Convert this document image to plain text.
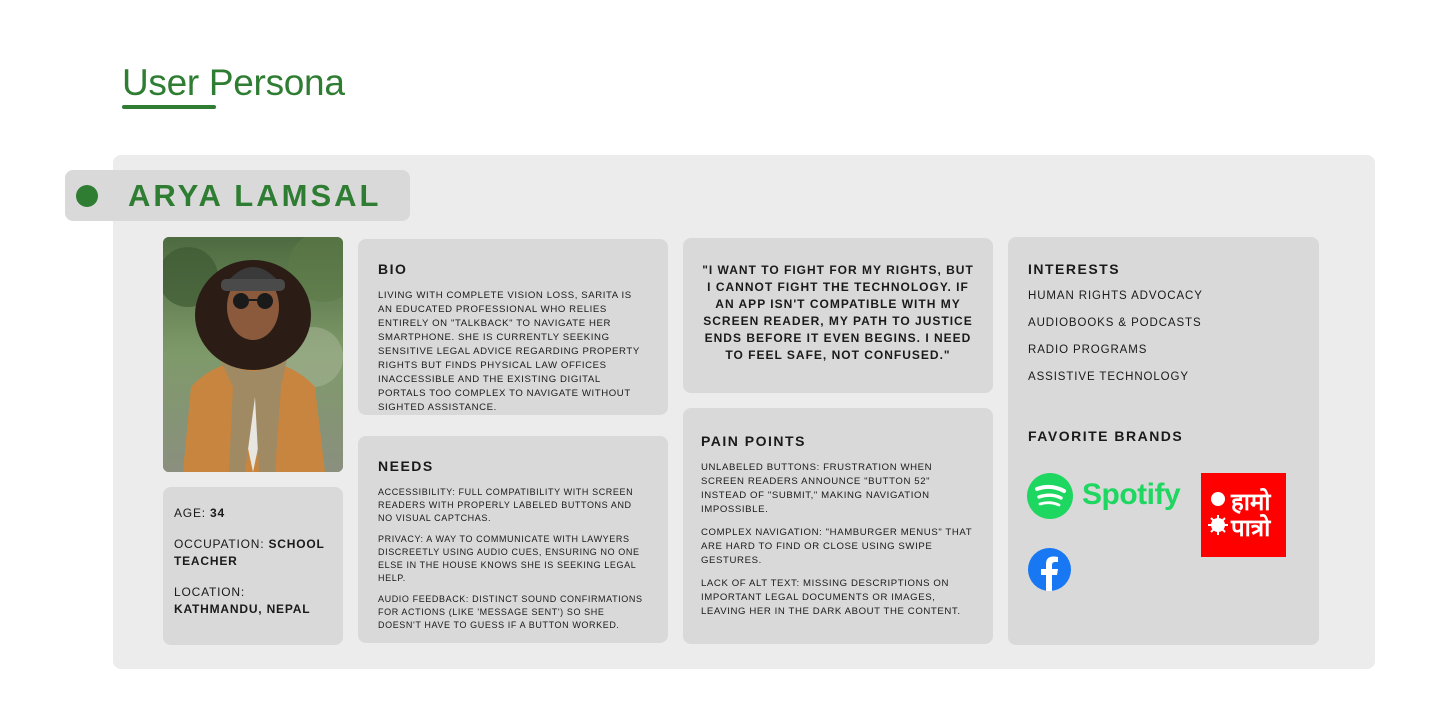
User Persona
ARYA LAMSAL
AGE: 34
OCCUPATION: SCHOOL TEACHER
LOCATION: KATHMANDU, NEPAL
BIO
LIVING WITH COMPLETE VISION LOSS, SARITA IS AN EDUCATED PROFESSIONAL WHO RELIES ENTIRELY ON "TALKBACK" TO NAVIGATE HER SMARTPHONE. SHE IS CURRENTLY SEEKING SENSITIVE LEGAL ADVICE REGARDING PROPERTY RIGHTS BUT FINDS PHYSICAL LAW OFFICES INACCESSIBLE AND THE EXISTING DIGITAL PORTALS TOO COMPLEX TO NAVIGATE WITHOUT SIGHTED ASSISTANCE.
NEEDS
ACCESSIBILITY: FULL COMPATIBILITY WITH SCREEN READERS WITH PROPERLY LABELED BUTTONS AND NO VISUAL CAPTCHAS.
PRIVACY: A WAY TO COMMUNICATE WITH LAWYERS DISCREETLY USING AUDIO CUES, ENSURING NO ONE ELSE IN THE HOUSE KNOWS SHE IS SEEKING LEGAL HELP.
AUDIO FEEDBACK: DISTINCT SOUND CONFIRMATIONS FOR ACTIONS (LIKE 'MESSAGE SENT') SO SHE DOESN'T HAVE TO GUESS IF A BUTTON WORKED.
"I WANT TO FIGHT FOR MY RIGHTS, BUT I CANNOT FIGHT THE TECHNOLOGY. IF AN APP ISN'T COMPATIBLE WITH MY SCREEN READER, MY PATH TO JUSTICE ENDS BEFORE IT EVEN BEGINS. I NEED TO FEEL SAFE, NOT CONFUSED."
PAIN POINTS
UNLABELED BUTTONS: FRUSTRATION WHEN SCREEN READERS ANNOUNCE "BUTTON 52" INSTEAD OF "SUBMIT," MAKING NAVIGATION IMPOSSIBLE.
COMPLEX NAVIGATION: "HAMBURGER MENUS" THAT ARE HARD TO FIND OR CLOSE USING SWIPE GESTURES.
LACK OF ALT TEXT: MISSING DESCRIPTIONS ON IMPORTANT LEGAL DOCUMENTS OR IMAGES, LEAVING HER IN THE DARK ABOUT THE CONTENT.
INTERESTS
HUMAN RIGHTS ADVOCACY
AUDIOBOOKS & PODCASTS
RADIO PROGRAMS
ASSISTIVE TECHNOLOGY
FAVORITE BRANDS
Spotify हामो
पात्रो
